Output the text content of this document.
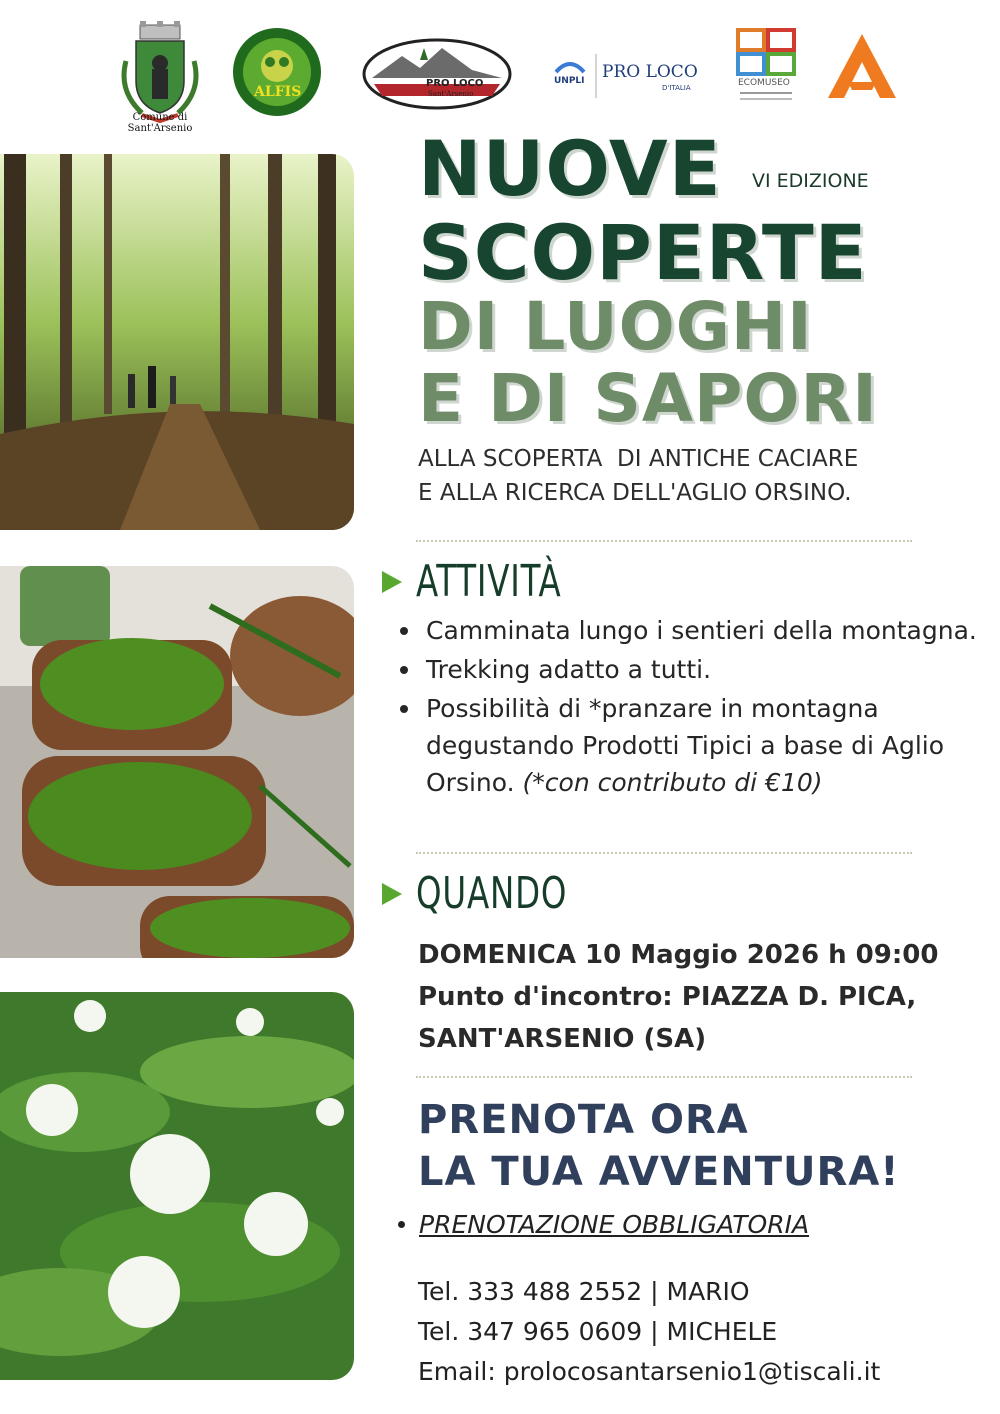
Comune di
Sant'Arsenio
ALFIS
PRO LOCO
Sant'Arsenio
UNPLI PRO LOCO
D'ITALIA	ECOMUSEO
NUOVE VI EDIZIONE
SCOPERTE
DI LUOGHI
E DI SAPORI
ALLA SCOPERTA  DI ANTICHE CACIARE
E ALLA RICERCA DELL'AGLIO ORSINO.
ATTIVITÀ
Camminata lungo i sentieri della montagna.
Trekking adatto a tutti.
Possibilità di *pranzare in montagna degustando Prodotti Tipici a base di Aglio Orsino. (*con contributo di €10)
QUANDO
DOMENICA 10 Maggio 2026 h 09:00
Punto d'incontro: PIAZZA D. PICA,
SANT'ARSENIO (SA)
PRENOTA ORA
LA TUA AVVENTURA!
PRENOTAZIONE OBBLIGATORIA
Tel. 333 488 2552 | MARIO
Tel. 347 965 0609 | MICHELE
Email: prolocosantarsenio1@tiscali.it
